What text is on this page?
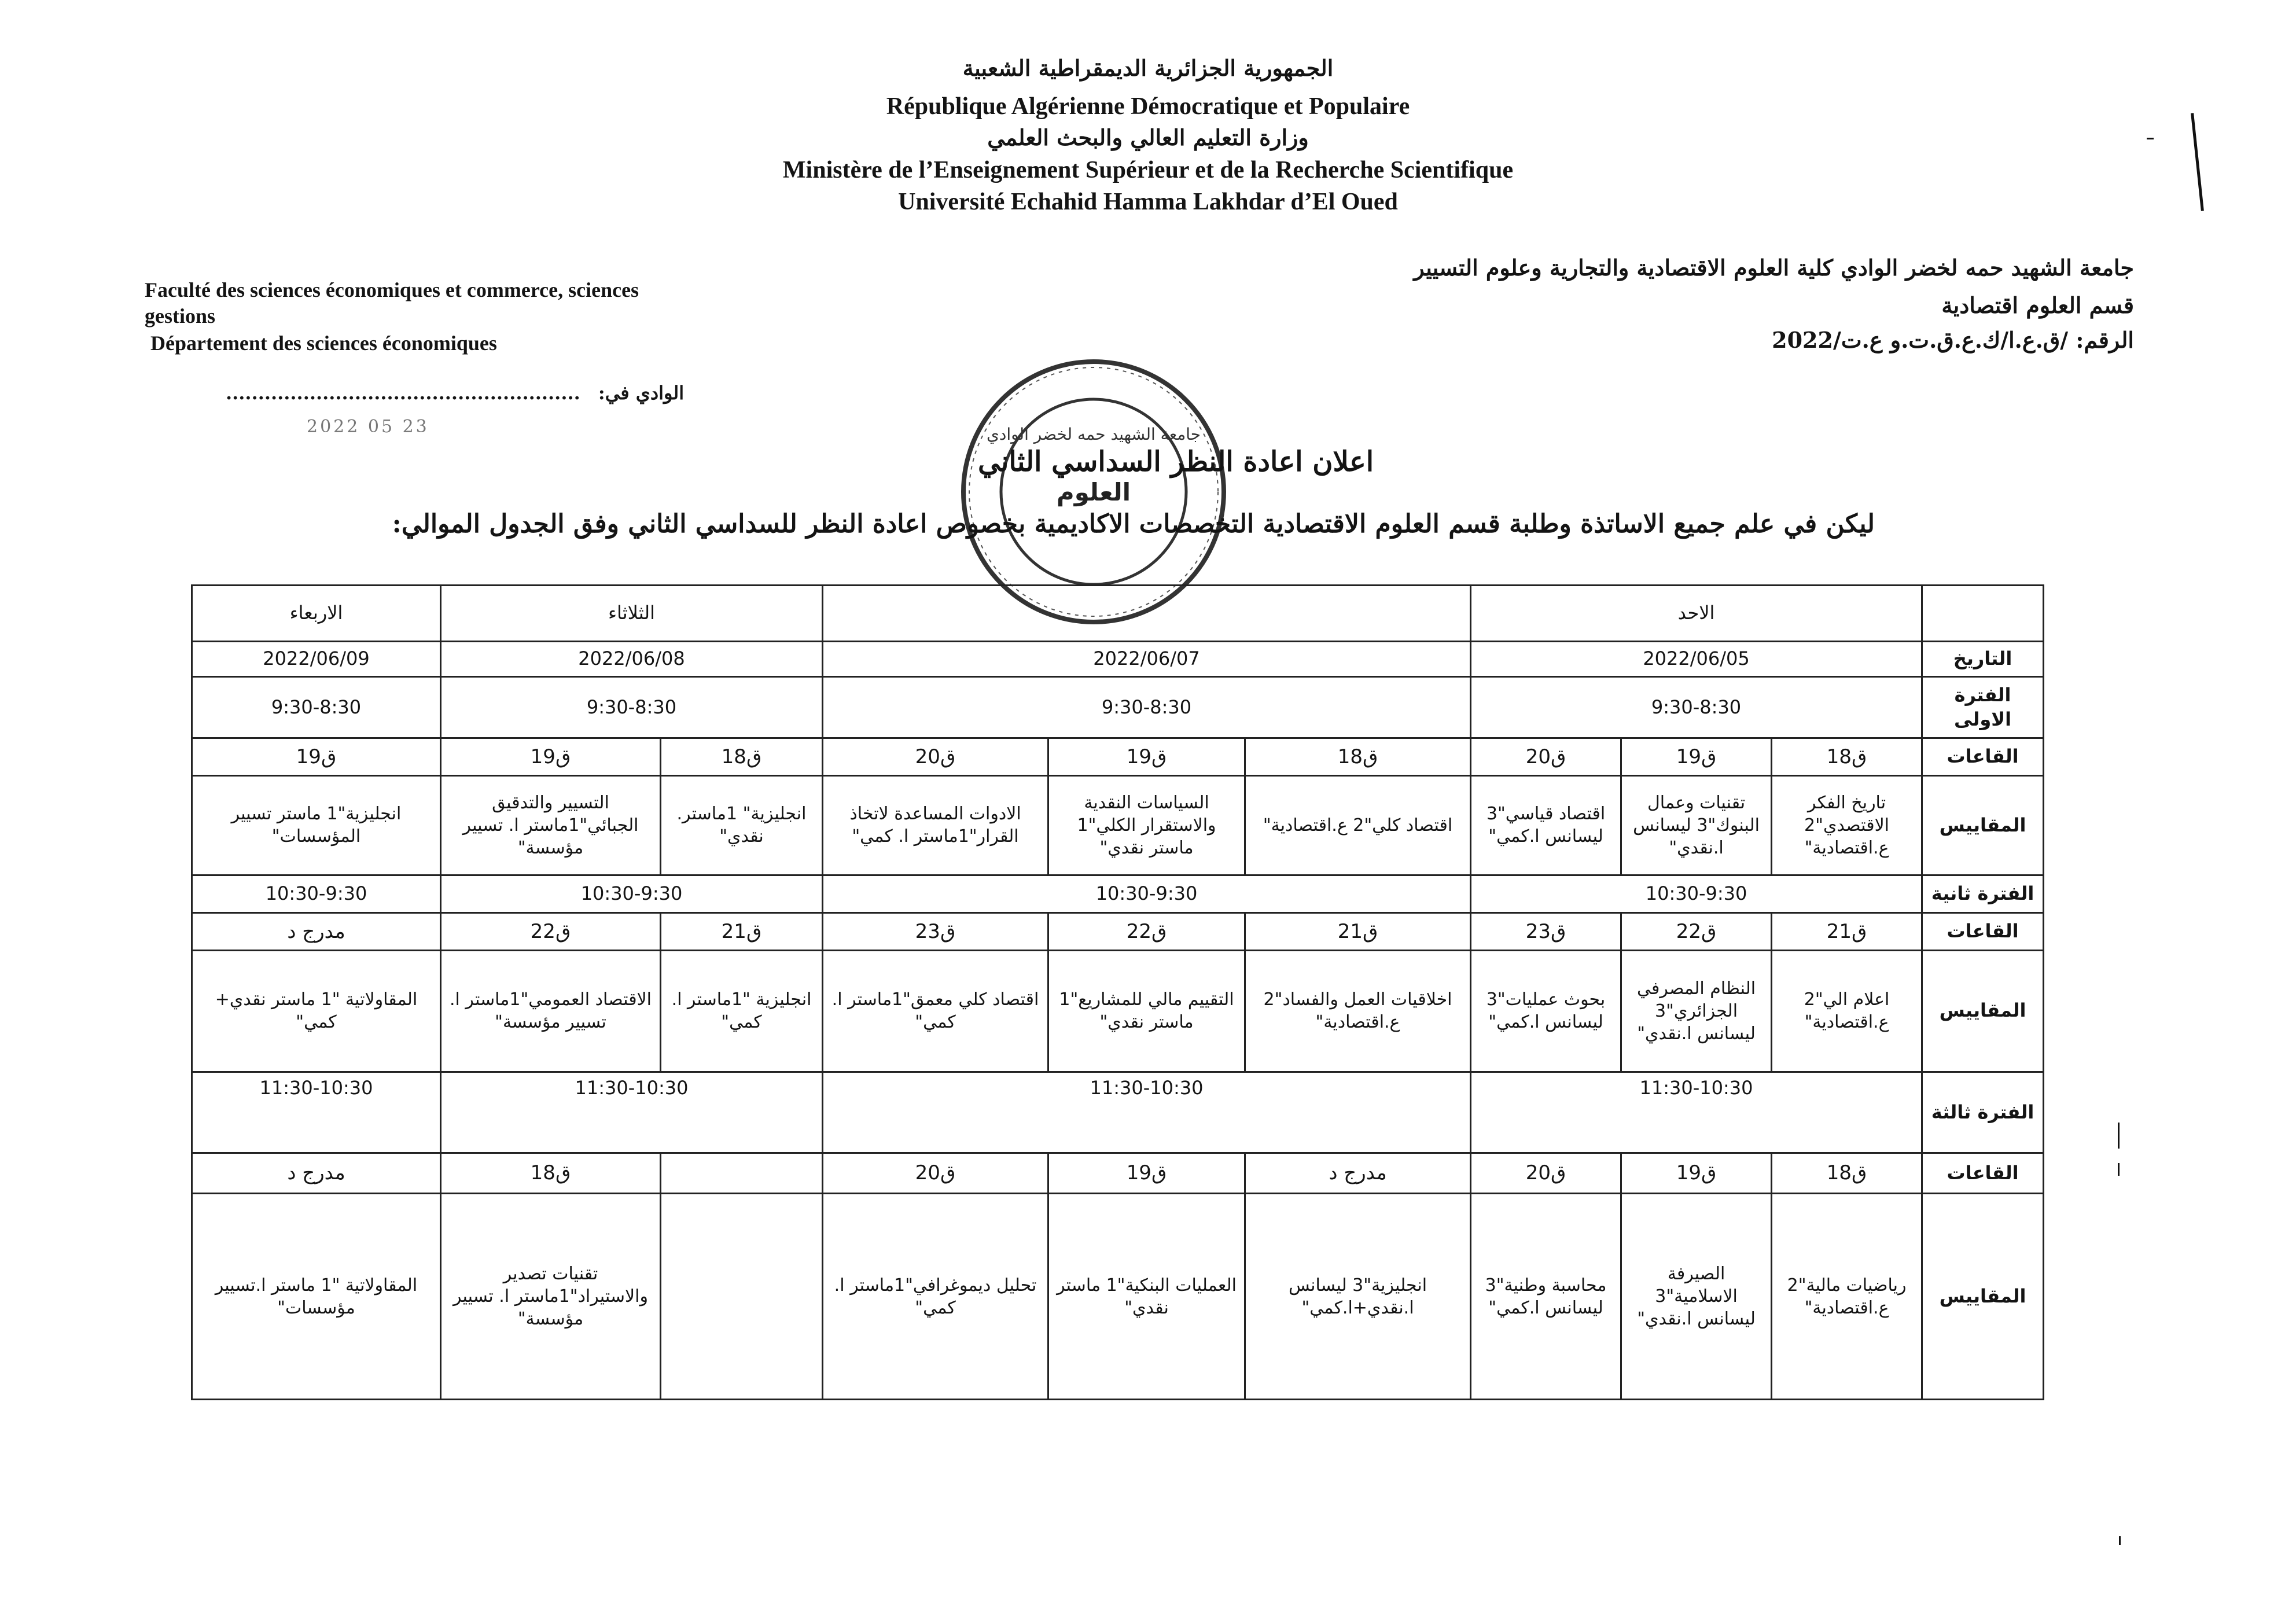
الجمهورية الجزائرية الديمقراطية الشعبية
République Algérienne Démocratique et Populaire
وزارة التعليم العالي والبحث العلمي
Ministère de l’Enseignement Supérieur et de la Recherche Scientifique
Université Echahid Hamma Lakhdar d’El Oued
جامعة الشهيد حمه لخضر الوادي كلية العلوم الاقتصادية والتجارية وعلوم التسيير
قسم العلوم اقتصادية
الرقم: /ق.ع.ا/ك.ع.ق.ت.و ع.ت/2022
Faculté des sciences économiques et commerce, sciences
gestions
Département des sciences économiques
....................................................... الوادي في:
2022 05 23
العلوم
جامعة الشهيد حمه لخضر الوادي
اعلان اعادة النظر السداسي الثاني
ليكن في علم جميع الاساتذة وطلبة قسم العلوم الاقتصادية التخصصات الاكاديمية بخصوص اعادة النظر للسداسي الثاني وفق الجدول الموالي:
	الاحد						الثلاثاء		الاربعاء
التاريخ	2022/06/05			2022/06/07			2022/06/08		2022/06/09
الفترة الاولى	9:30-8:30			9:30-8:30			9:30-8:30		9:30-8:30
القاعات	ق18	ق19	ق20	ق18	ق19	ق20	ق18	ق19	ق19
المقاييس	تاريخ الفكر الاقتصدي"2 ع.اقتصادية"	تقنيات وعمال البنوك"3 ليسانس ا.نقدي"	اقتصاد قياسي"3 ليسانس ا.كمي"	اقتصاد كلي"2 ع.اقتصادية"	السياسات النقدية والاستقرار الكلي"1 ماستر نقدي"	الادوات المساعدة لاتخاذ القرار"1ماستر ا. كمي"	انجليزية" 1ماستر. نقدي"	التسيير والتدقيق الجبائي"1ماستر ا. تسيير مؤسسة"	انجليزية"1 ماستر تسيير المؤسسات"
الفترة ثانية	10:30-9:30			10:30-9:30			10:30-9:30		10:30-9:30
القاعات	ق21	ق22	ق23	ق21	ق22	ق23	ق21	ق22	مدرج د
المقاييس	اعلام الي"2 ع.اقتصادية"	النظام المصرفي الجزائري"3 ليسانس ا.نقدي"	بحوث عمليات"3 ليسانس ا.كمي"	اخلاقيات العمل والفساد"2 ع.اقتصادية"	التقييم مالي للمشاريع"1 ماستر نقدي"	اقتصاد كلي معمق"1ماستر ا. كمي"	انجليزية "1ماستر ا. كمي"	الاقتصاد العمومي"1ماستر ا. تسيير مؤسسة"	المقاولاتية "1 ماستر نقدي+ كمي"
الفترة ثالثة	11:30-10:30			11:30-10:30			11:30-10:30		11:30-10:30
القاعات	ق18	ق19	ق20	مدرج د	ق19	ق20		ق18	مدرج د
المقاييس	رياضيات مالية"2 ع.اقتصادية"	الصيرفة الاسلامية"3 ليسانس ا.نقدي"	محاسبة وطنية"3 ليسانس ا.كمي"	انجليزية"3 ليسانس ا.نقدي+ا.كمي"	العمليات البنكية"1 ماستر نقدي"	تحليل ديموغرافي"1ماستر ا. كمي"		تقنيات تصدير والاستيراد"1ماستر ا. تسيير مؤسسة"	المقاولاتية "1 ماستر ا.تسيير مؤسسات"
